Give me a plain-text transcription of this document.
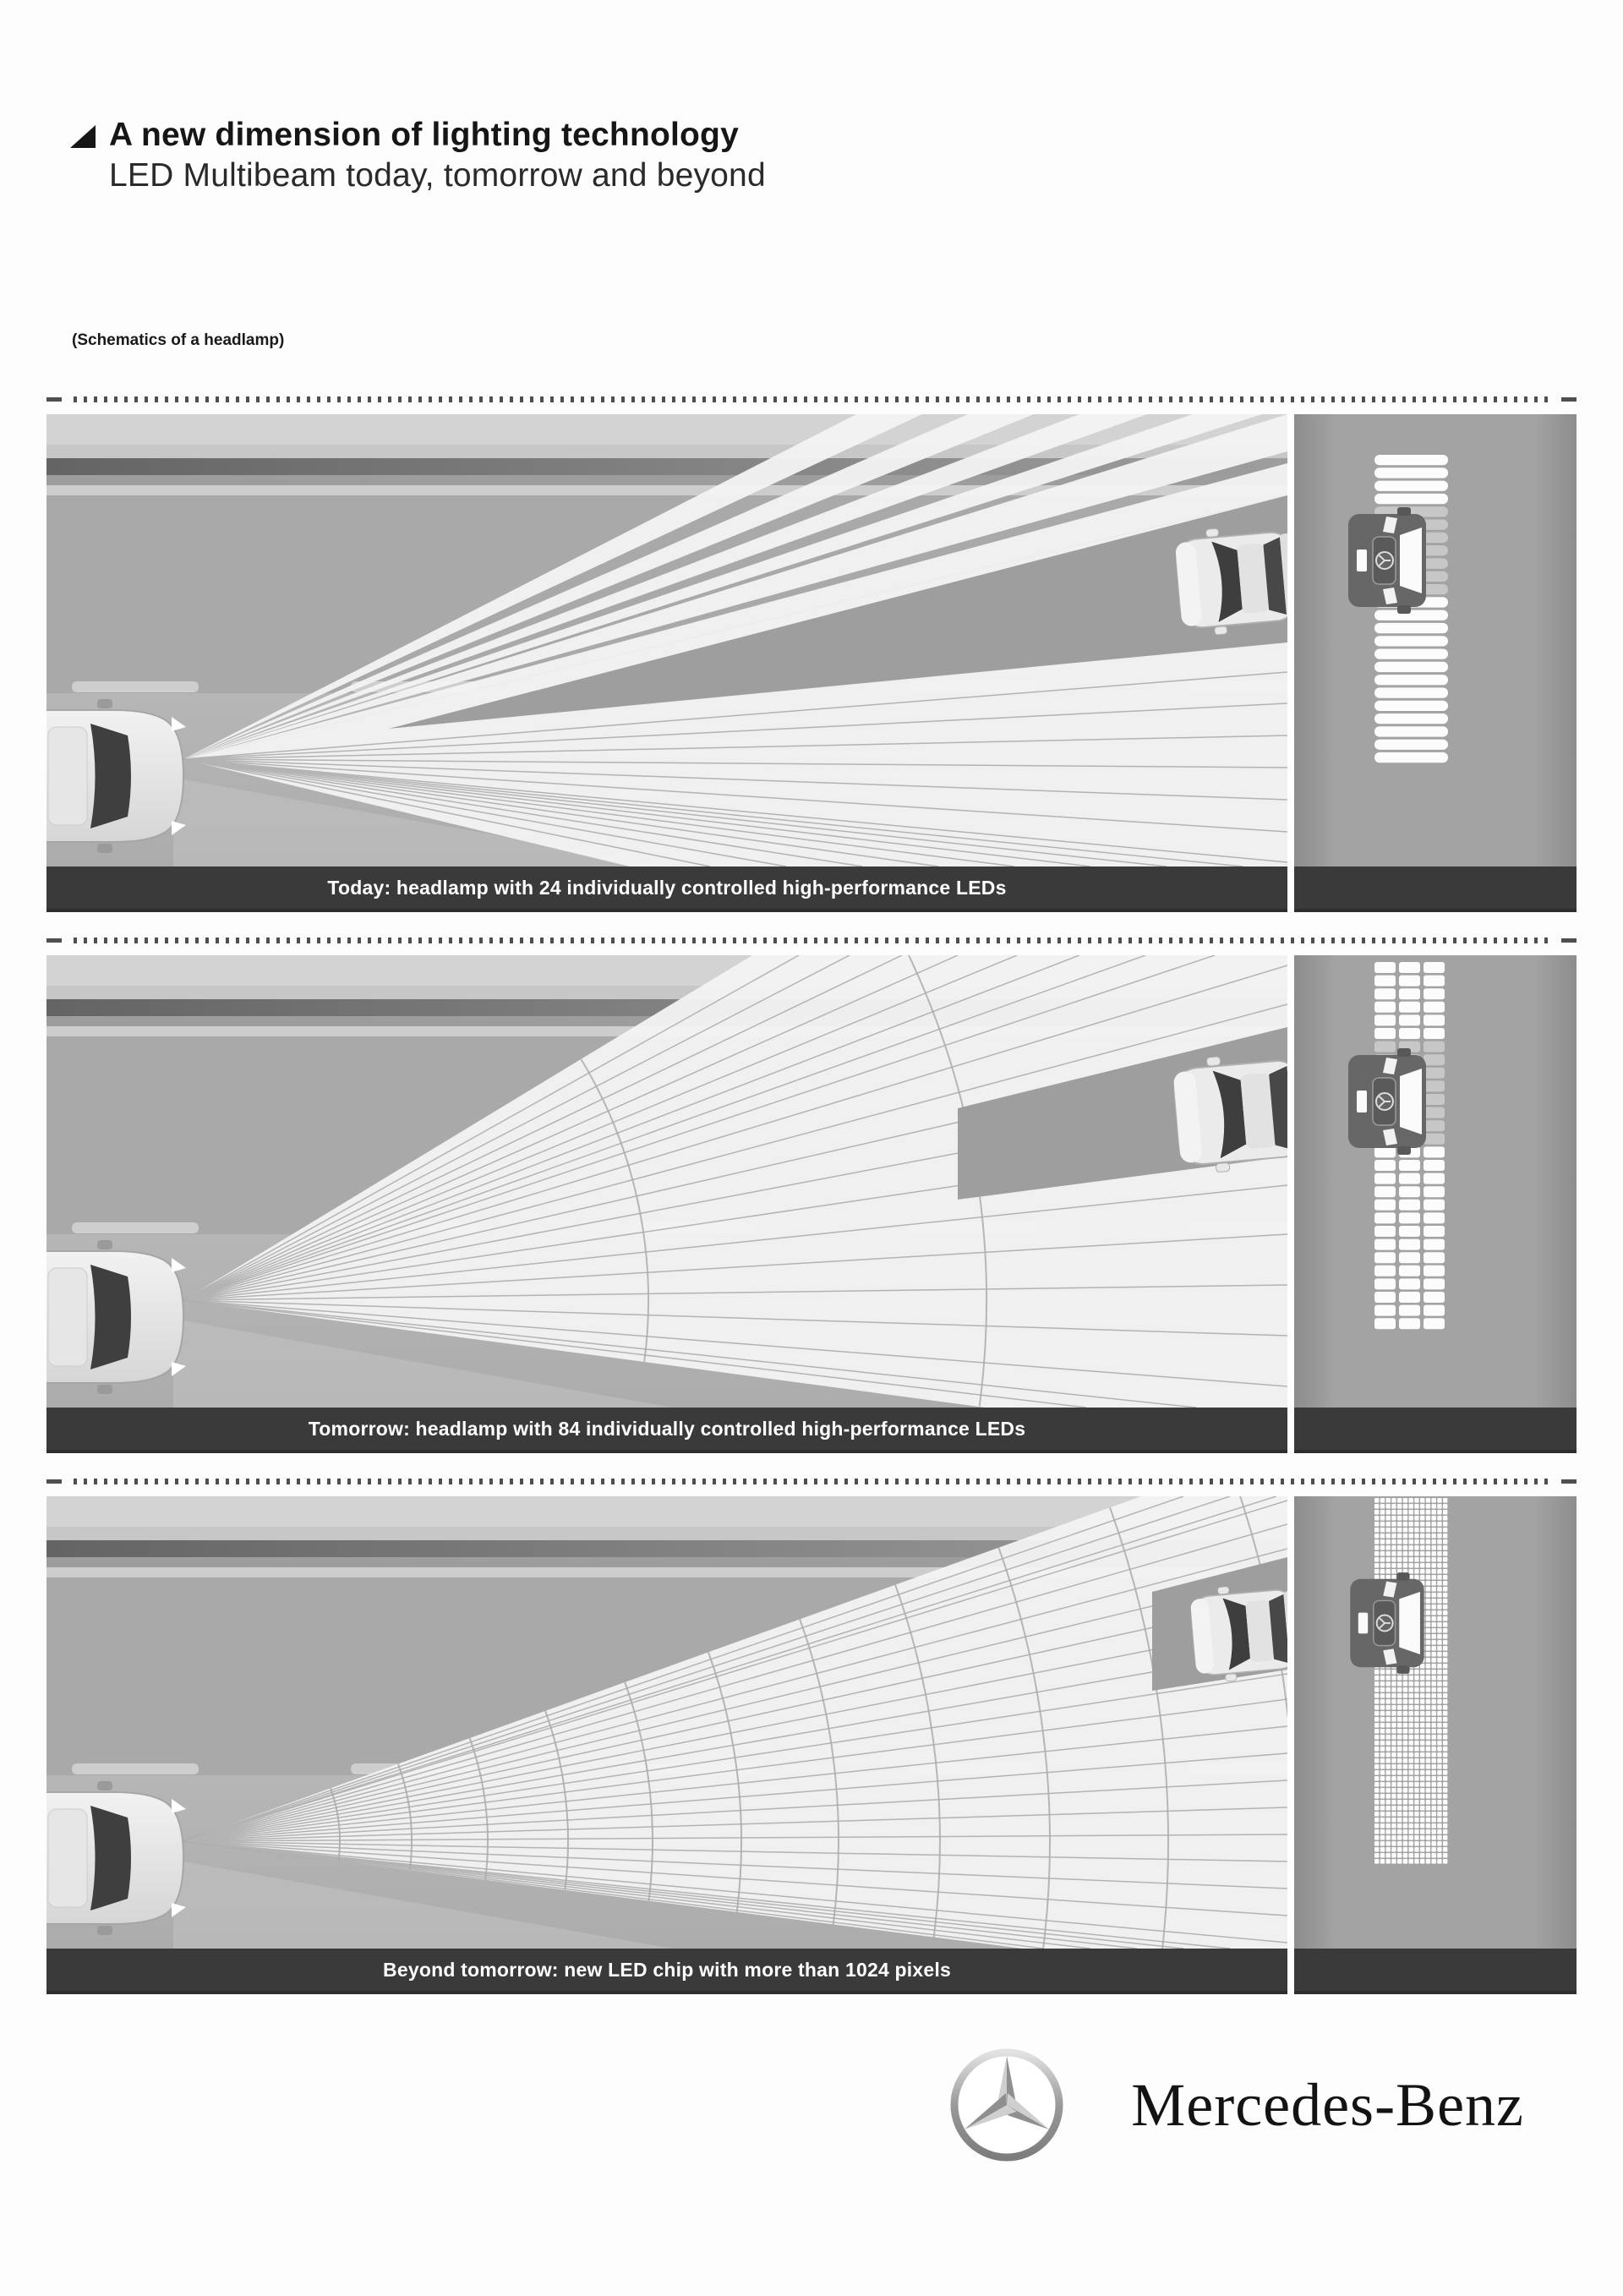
A new dimension of lighting technology
LED Multibeam today, tomorrow and beyond
(Schematics of a headlamp)
Today: headlamp with 24 individually controlled high-performance LEDs
Tomorrow: headlamp with 84 individually controlled high-performance LEDs
Beyond tomorrow: new LED chip with more than 1024 pixels
Mercedes-Benz
